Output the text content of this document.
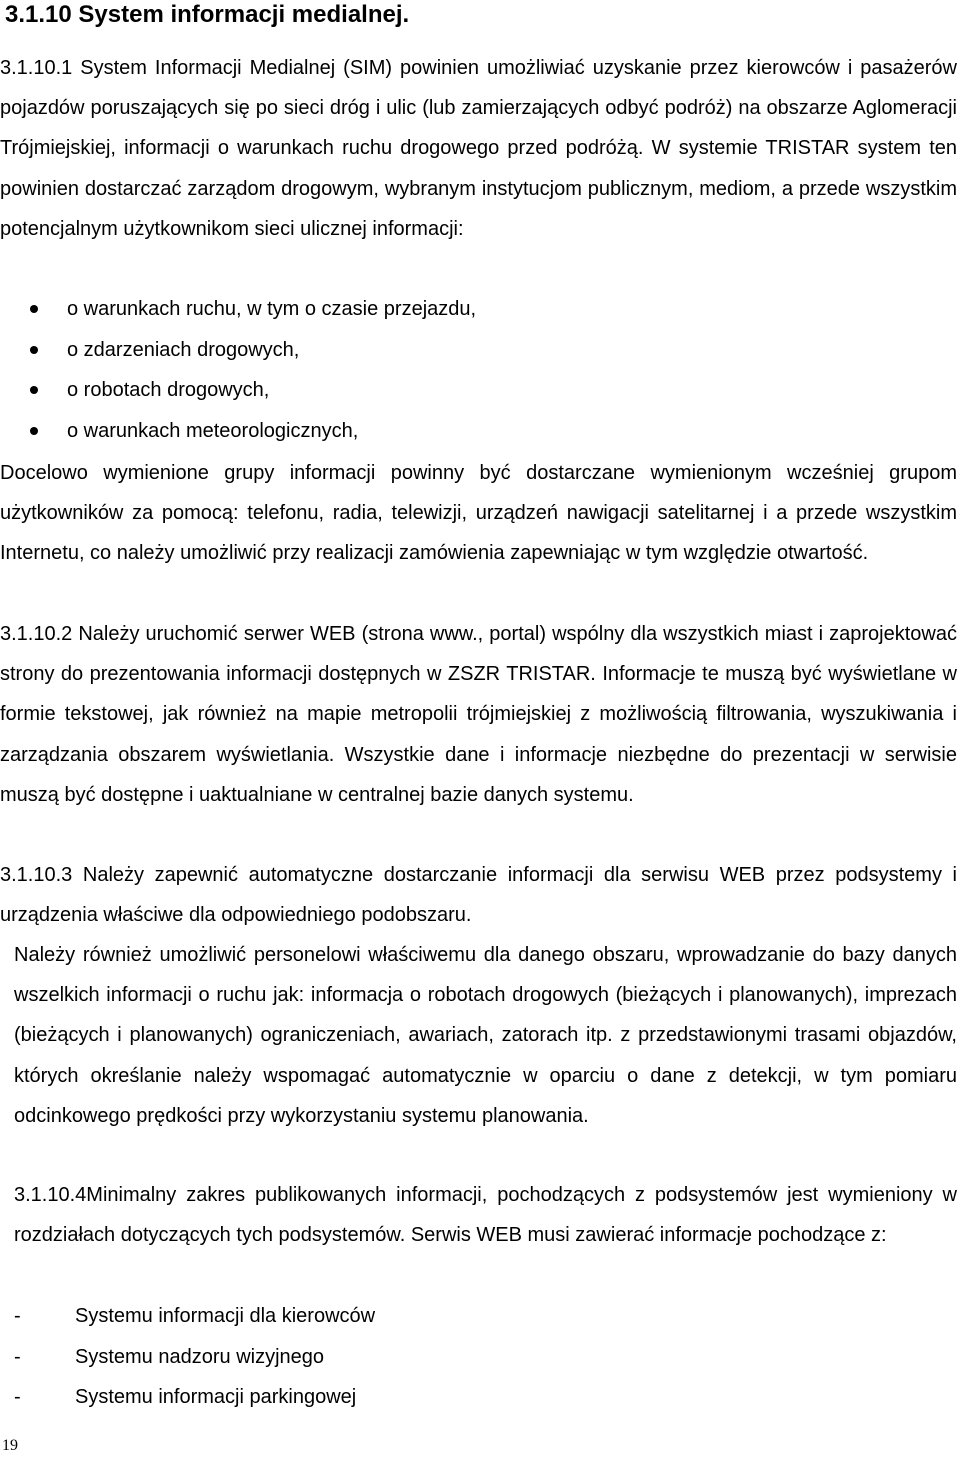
3.1.10 System informacji medialnej.

3.1.10.1 System Informacji Medialnej (SIM) powinien umożliwiać uzyskanie przez kierowców i pasażerów pojazdów poruszających się po sieci dróg i ulic (lub zamierzających odbyć podróż) na obszarze Aglomeracji Trójmiejskiej, informacji o warunkach ruchu drogowego przed podróżą. W systemie TRISTAR system ten powinien dostarczać zarządom drogowym, wybranym instytucjom publicznym, mediom, a przede wszystkim potencjalnym użytkownikom sieci ulicznej informacji:

o warunkach ruchu, w tym o czasie przejazdu,
o zdarzeniach drogowych,
o robotach drogowych,
o warunkach meteorologicznych,

Docelowo wymienione grupy informacji powinny być dostarczane wymienionym wcześniej grupom użytkowników za pomocą: telefonu, radia, telewizji, urządzeń nawigacji satelitarnej i a przede wszystkim Internetu, co należy umożliwić przy realizacji zamówienia zapewniając w tym względzie otwartość.

3.1.10.2 Należy uruchomić serwer WEB (strona www., portal) wspólny dla wszystkich miast i zaprojektować strony do prezentowania informacji dostępnych w ZSZR TRISTAR. Informacje te muszą być wyświetlane w formie tekstowej, jak również na mapie metropolii trójmiejskiej z możliwością filtrowania, wyszukiwania i zarządzania obszarem wyświetlania. Wszystkie dane i informacje niezbędne do prezentacji w serwisie muszą być dostępne i uaktualniane w centralnej bazie danych systemu.

3.1.10.3 Należy zapewnić automatyczne dostarczanie informacji dla serwisu WEB przez podsystemy i urządzenia właściwe dla odpowiedniego podobszaru.

Należy również umożliwić personelowi właściwemu dla danego obszaru, wprowadzanie do bazy danych wszelkich informacji o ruchu jak: informacja o robotach drogowych (bieżących i planowanych), imprezach (bieżących i planowanych) ograniczeniach, awariach, zatorach itp. z przedstawionymi trasami objazdów, których określanie należy wspomagać automatycznie w oparciu o dane z detekcji, w tym pomiaru odcinkowego prędkości przy wykorzystaniu systemu planowania.

3.1.10.4Minimalny zakres publikowanych informacji, pochodzących z podsystemów jest wymieniony w rozdziałach dotyczących tych podsystemów. Serwis WEB musi zawierać informacje pochodzące z:

-	Systemu informacji dla kierowców
-	Systemu nadzoru wizyjnego
-	Systemu informacji parkingowej
19
